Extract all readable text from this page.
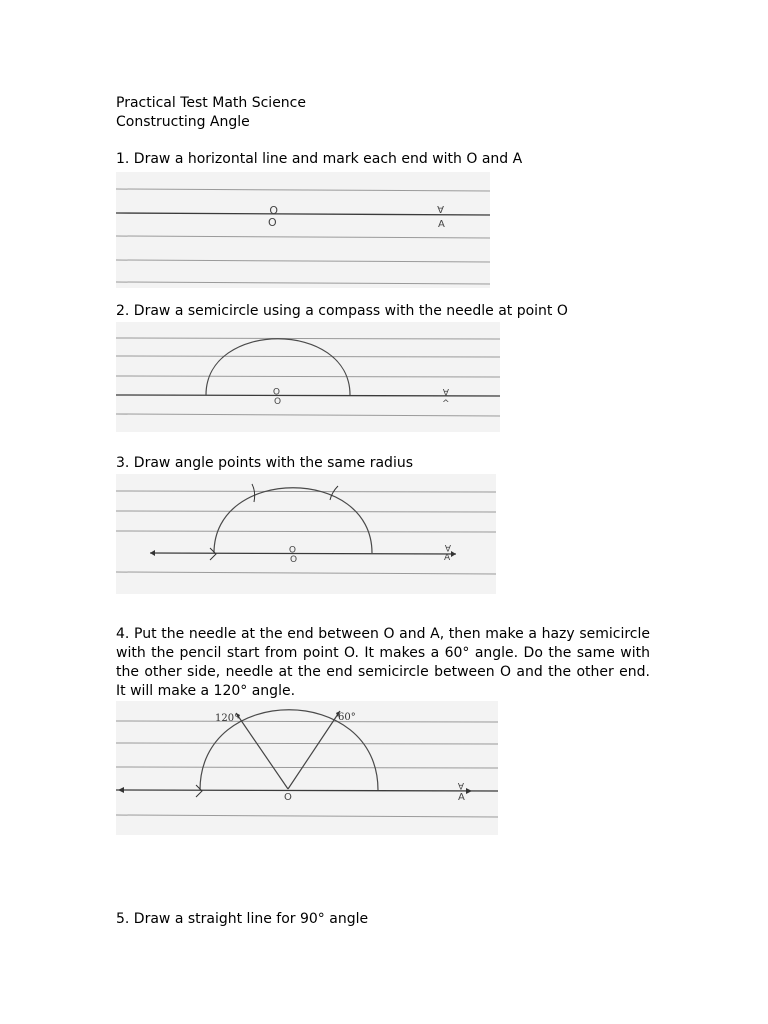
Practical Test Math Science
Constructing Angle
1. Draw a horizontal line and mark each end with O and A
O
O
A
A
2. Draw a semicircle using a compass with the needle at point O
O
O
A
^
3. Draw angle points with the same radius
O
O
A
A
4. Put the needle at the end between O and A, then make a hazy semicircle with the pencil start from point O. It makes a 60° angle. Do the same with the other side, needle at the end semicircle between O and the other end. It will make a 120° angle.
120°	60°
O
A
A
5. Draw a straight line for 90° angle
